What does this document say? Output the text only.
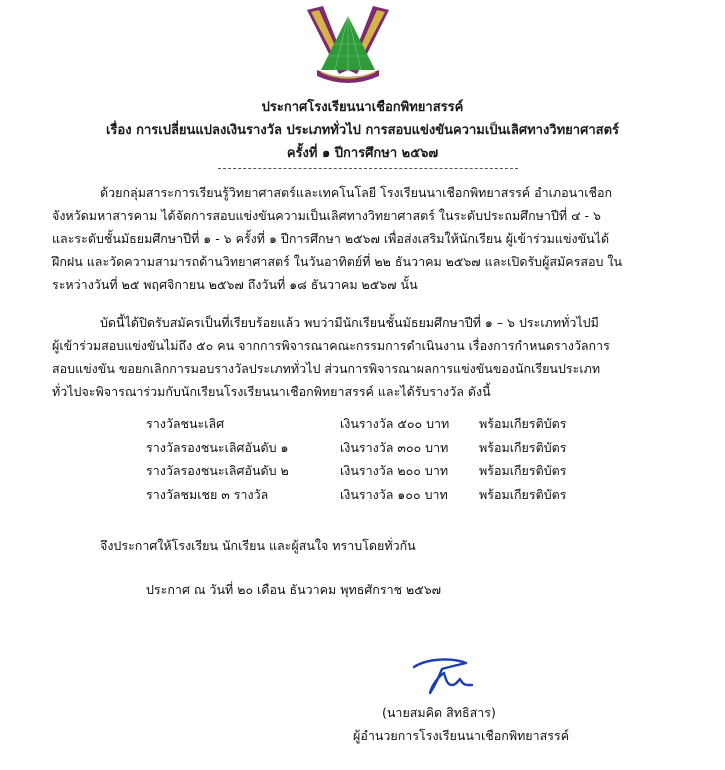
ประกาศโรงเรียนนาเชือกพิทยาสรรค์
เรื่อง การเปลี่ยนแปลงเงินรางวัล ประเภททั่วไป การสอบแข่งขันความเป็นเลิศทางวิทยาศาสตร์
ครั้งที่ ๑ ปีการศึกษา ๒๕๖๗
ด้วยกลุ่มสาระการเรียนรู้วิทยาศาสตร์และเทคโนโลยี โรงเรียนนาเชือกพิทยาสรรค์ อำเภอนาเชือก
จังหวัดมหาสารคาม ได้จัดการสอบแข่งขันความเป็นเลิศทางวิทยาศาสตร์ ในระดับประถมศึกษาปีที่ ๔ - ๖
และระดับชั้นมัธยมศึกษาปีที่ ๑ - ๖ ครั้งที่ ๑ ปีการศึกษา ๒๕๖๗ เพื่อส่งเสริมให้นักเรียน ผู้เข้าร่วมแข่งขันได้
ฝึกฝน และวัดความสามารถด้านวิทยาศาสตร์ ในวันอาทิตย์ที่ ๒๒ ธันวาคม ๒๕๖๗ และเปิดรับผู้สมัครสอบ ใน
ระหว่างวันที่ ๒๕ พฤศจิกายน ๒๕๖๗ ถึงวันที่ ๑๘ ธันวาคม ๒๕๖๗ นั้น
บัดนี้ได้ปิดรับสมัครเป็นที่เรียบร้อยแล้ว พบว่ามีนักเรียนชั้นมัธยมศึกษาปีที่ ๑ – ๖ ประเภททั่วไปมี
ผู้เข้าร่วมสอบแข่งขันไม่ถึง ๕๐ คน จากการพิจารณาคณะกรรมการดำเนินงาน เรื่องการกำหนดรางวัลการ
สอบแข่งขัน ขอยกเลิกการมอบรางวัลประเภททั่วไป ส่วนการพิจารณาผลการแข่งขันของนักเรียนประเภท
ทั่วไปจะพิจารณาร่วมกับนักเรียนโรงเรียนนาเชือกพิทยาสรรค์ และได้รับรางวัล ดังนี้
รางวัลชนะเลิศ	เงินรางวัล ๕๐๐ บาท พร้อมเกียรติบัตร
รางวัลรองชนะเลิศอันดับ ๑	เงินรางวัล ๓๐๐ บาท พร้อมเกียรติบัตร
รางวัลรองชนะเลิศอันดับ ๒	เงินรางวัล ๒๐๐ บาท พร้อมเกียรติบัตร
รางวัลชมเชย ๓ รางวัล	เงินรางวัล ๑๐๐ บาท พร้อมเกียรติบัตร
จึงประกาศให้โรงเรียน นักเรียน และผู้สนใจ ทราบโดยทั่วกัน
ประกาศ ณ วันที่ ๒๐ เดือน ธันวาคม พุทธศักราช ๒๕๖๗
(นายสมคิด สิทธิสาร)
ผู้อำนวยการโรงเรียนนาเชือกพิทยาสรรค์
